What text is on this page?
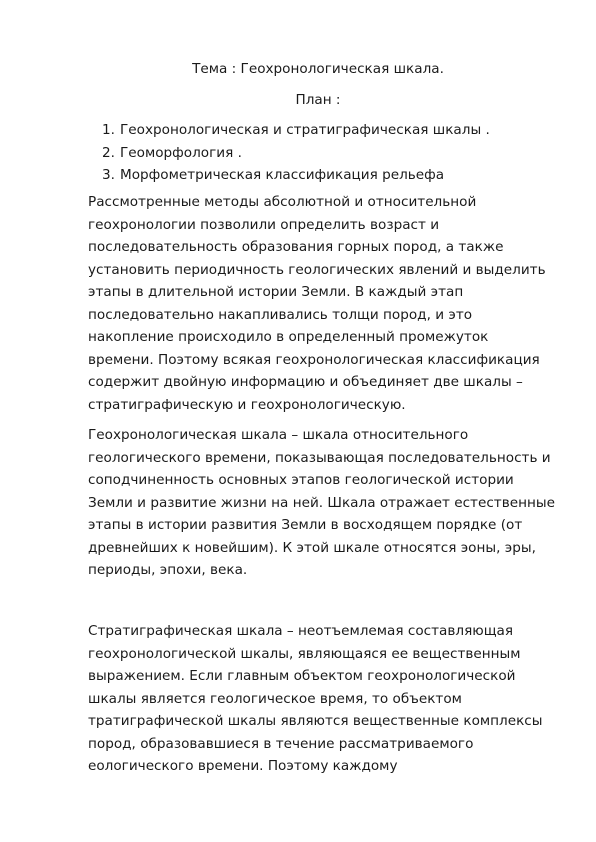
Тема : Геохронологическая шкала.

План :

1. Геохронологическая и стратиграфическая шкалы .
2. Геоморфология .
3. Морфометрическая классификация рельефа

Рассмотренные методы абсолютной и относительной
геохронологии позволили определить возраст и
последовательность образования горных пород, а также
установить периодичность геологических явлений и выделить
этапы в длительной истории Земли. В каждый этап
последовательно накапливались толщи пород, и это
накопление происходило в определенный промежуток
времени. Поэтому всякая геохронологическая классификация
содержит двойную информацию и объединяет две шкалы –
стратиграфическую и геохронологическую.

Геохронологическая шкала – шкала относительного
геологического времени, показывающая последовательность и
соподчиненность основных этапов геологической истории
Земли и развитие жизни на ней. Шкала отражает естественные
этапы в истории развития Земли в восходящем порядке (от
древнейших к новейшим). К этой шкале относятся эоны, эры,
периоды, эпохи, века.

Стратиграфическая шкала – неотъемлемая составляющая
геохронологической шкалы, являющаяся ее вещественным
выражением. Если главным объектом геохронологической
шкалы является геологическое время, то объектом
тратиграфической шкалы являются вещественные комплексы
пород, образовавшиеся в течение рассматриваемого
еологического времени. Поэтому каждому
